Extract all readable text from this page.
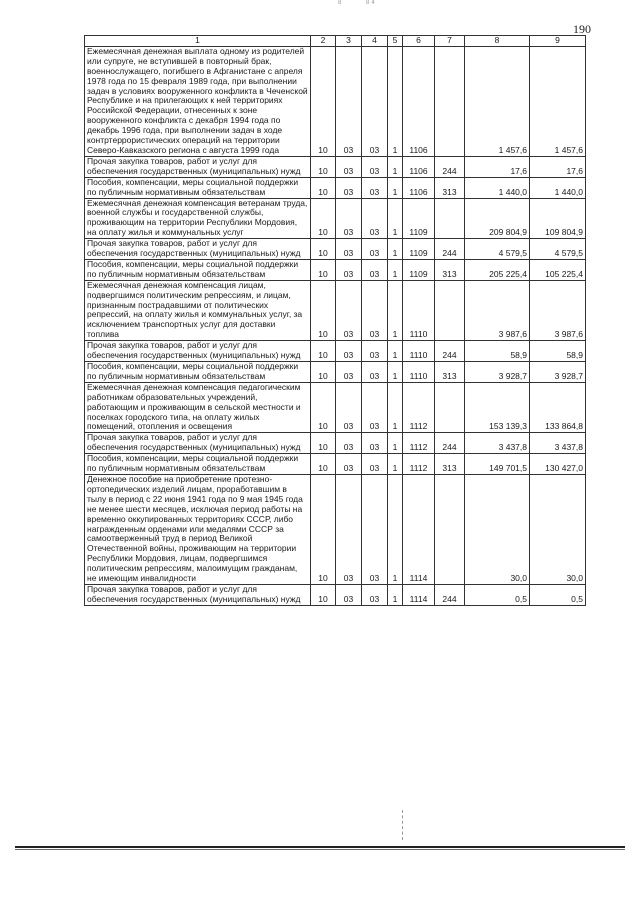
8	84
190
1	2	3	4	5	6	7	8	9
Ежемесячная денежная выплата одному из родителей или супруге, не вступившей в повторный брак, военнослужащего, погибшего в Афганистане с апреля 1978 года по 15 февраля 1989 года, при выполнении задач в условиях вооруженного конфликта в Чеченской Республике и на прилегающих к ней территориях Российской Федерации, отнесенных к зоне вооруженного конфликта с декабря 1994 года по декабрь 1996 года, при выполнении задач в ходе контртеррористических операций на территории Северо-Кавказского региона с августа 1999 года	10	03	03	1	1106		1 457,6	1 457,6
Прочая закупка товаров, работ и услуг для обеспечения государственных (муниципальных) нужд	10	03	03	1	1106	244	17,6	17,6
Пособия, компенсации, меры социальной поддержки по публичным нормативным обязательствам	10	03	03	1	1106	313	1 440,0	1 440,0
Ежемесячная денежная компенсация ветеранам труда, военной службы и государственной службы, проживающим на территории Республики Мордовия, на оплату жилья и коммунальных услуг	10	03	03	1	1109		209 804,9	109 804,9
Прочая закупка товаров, работ и услуг для обеспечения государственных (муниципальных) нужд	10	03	03	1	1109	244	4 579,5	4 579,5
Пособия, компенсации, меры социальной поддержки по публичным нормативным обязательствам	10	03	03	1	1109	313	205 225,4	105 225,4
Ежемесячная денежная компенсация лицам, подвергшимся политическим репрессиям, и лицам, признанным пострадавшими от политических репрессий, на оплату жилья и коммунальных услуг, за исключением транспортных услуг для доставки топлива	10	03	03	1	1110		3 987,6	3 987,6
Прочая закупка товаров, работ и услуг для обеспечения государственных (муниципальных) нужд	10	03	03	1	1110	244	58,9	58,9
Пособия, компенсации, меры социальной поддержки по публичным нормативным обязательствам	10	03	03	1	1110	313	3 928,7	3 928,7
Ежемесячная денежная компенсация педагогическим работникам образовательных учреждений, работающим и проживающим в сельской местности и поселках городского типа, на оплату жилых помещений, отопления и освещения	10	03	03	1	1112		153 139,3	133 864,8
Прочая закупка товаров, работ и услуг для обеспечения государственных (муниципальных) нужд	10	03	03	1	1112	244	3 437,8	3 437,8
Пособия, компенсации, меры социальной поддержки по публичным нормативным обязательствам	10	03	03	1	1112	313	149 701,5	130 427,0
Денежное пособие на приобретение протезно-ортопедических изделий лицам, проработавшим в тылу в период с 22 июня 1941 года по 9 мая 1945 года не менее шести месяцев, исключая период работы на временно оккупированных территориях СССР, либо награжденным орденами или медалями СССР за самоотверженный труд в период Великой Отечественной войны, проживающим на территории Республики Мордовия, лицам, подвергшимся политическим репрессиям, малоимущим гражданам, не имеющим инвалидности	10	03	03	1	1114		30,0	30,0
Прочая закупка товаров, работ и услуг для обеспечения государственных (муниципальных) нужд	10	03	03	1	1114	244	0,5	0,5
